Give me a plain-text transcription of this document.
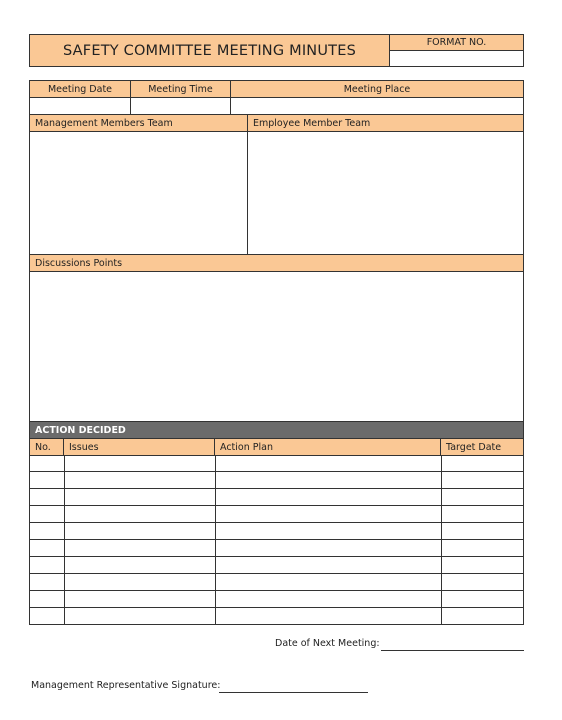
SAFETY COMMITTEE MEETING MINUTES	FORMAT NO.
Meeting Date	Meeting Time	Meeting Place
Management Members Team	Employee Member Team
Discussions Points
ACTION DECIDED
No.	Issues	Action Plan	Target Date
Date of Next Meeting:
Management Representative Signature:
